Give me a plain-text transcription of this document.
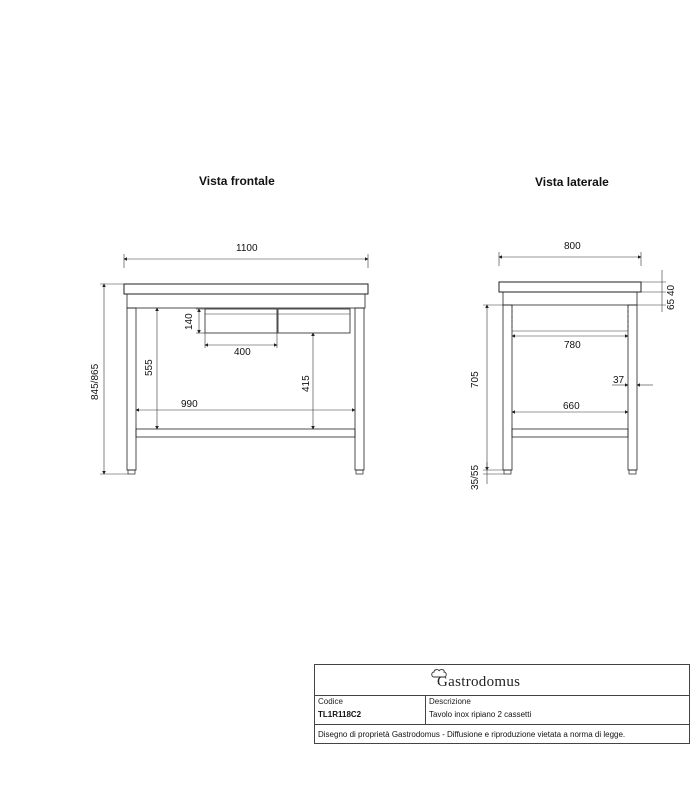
Vista frontale	Vista laterale
1100
845/865
140
400
555
415
990
800
40
65
780
705
35/55
37
660
Gastrodomus
Codice
TL1R118C2
Descrizione
Tavolo inox ripiano 2 cassetti
Disegno di proprietà Gastrodomus - Diffusione e riproduzione vietata a norma di legge.
